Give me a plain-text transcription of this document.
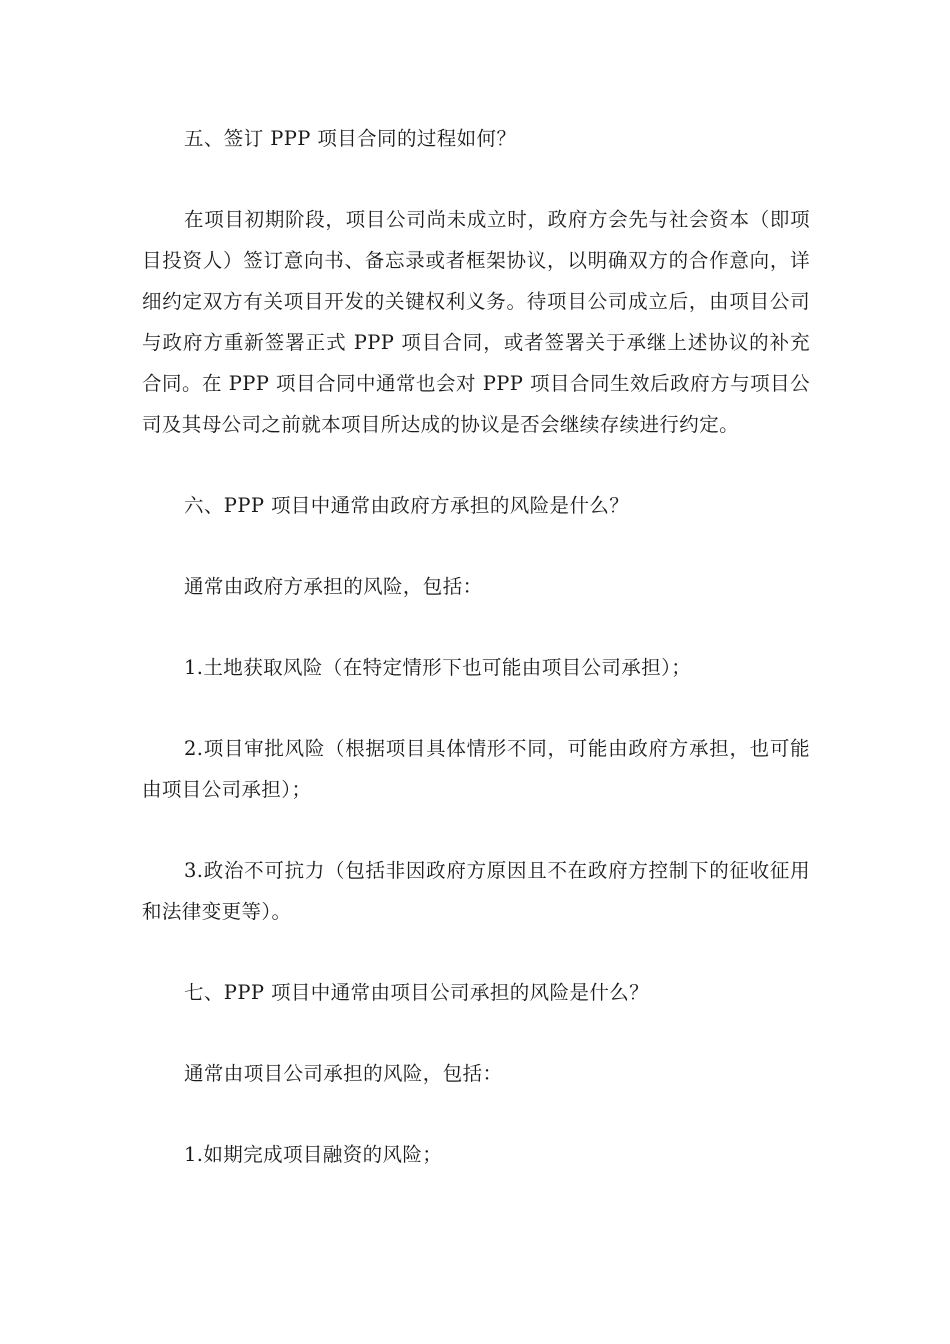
五、签订 PPP 项目合同的过程如何？

在项目初期阶段，项目公司尚未成立时，政府方会先与社会资本（即项目投资人）签订意向书、备忘录或者框架协议，以明确双方的合作意向，详细约定双方有关项目开发的关键权利义务。待项目公司成立后，由项目公司与政府方重新签署正式 PPP 项目合同，或者签署关于承继上述协议的补充合同。在 PPP 项目合同中通常也会对 PPP 项目合同生效后政府方与项目公司及其母公司之前就本项目所达成的协议是否会继续存续进行约定。

六、PPP 项目中通常由政府方承担的风险是什么？

通常由政府方承担的风险，包括：

1.土地获取风险（在特定情形下也可能由项目公司承担）；

2.项目审批风险（根据项目具体情形不同，可能由政府方承担，也可能由项目公司承担）；

3.政治不可抗力（包括非因政府方原因且不在政府方控制下的征收征用和法律变更等）。

七、PPP 项目中通常由项目公司承担的风险是什么？

通常由项目公司承担的风险，包括：

1.如期完成项目融资的风险；
